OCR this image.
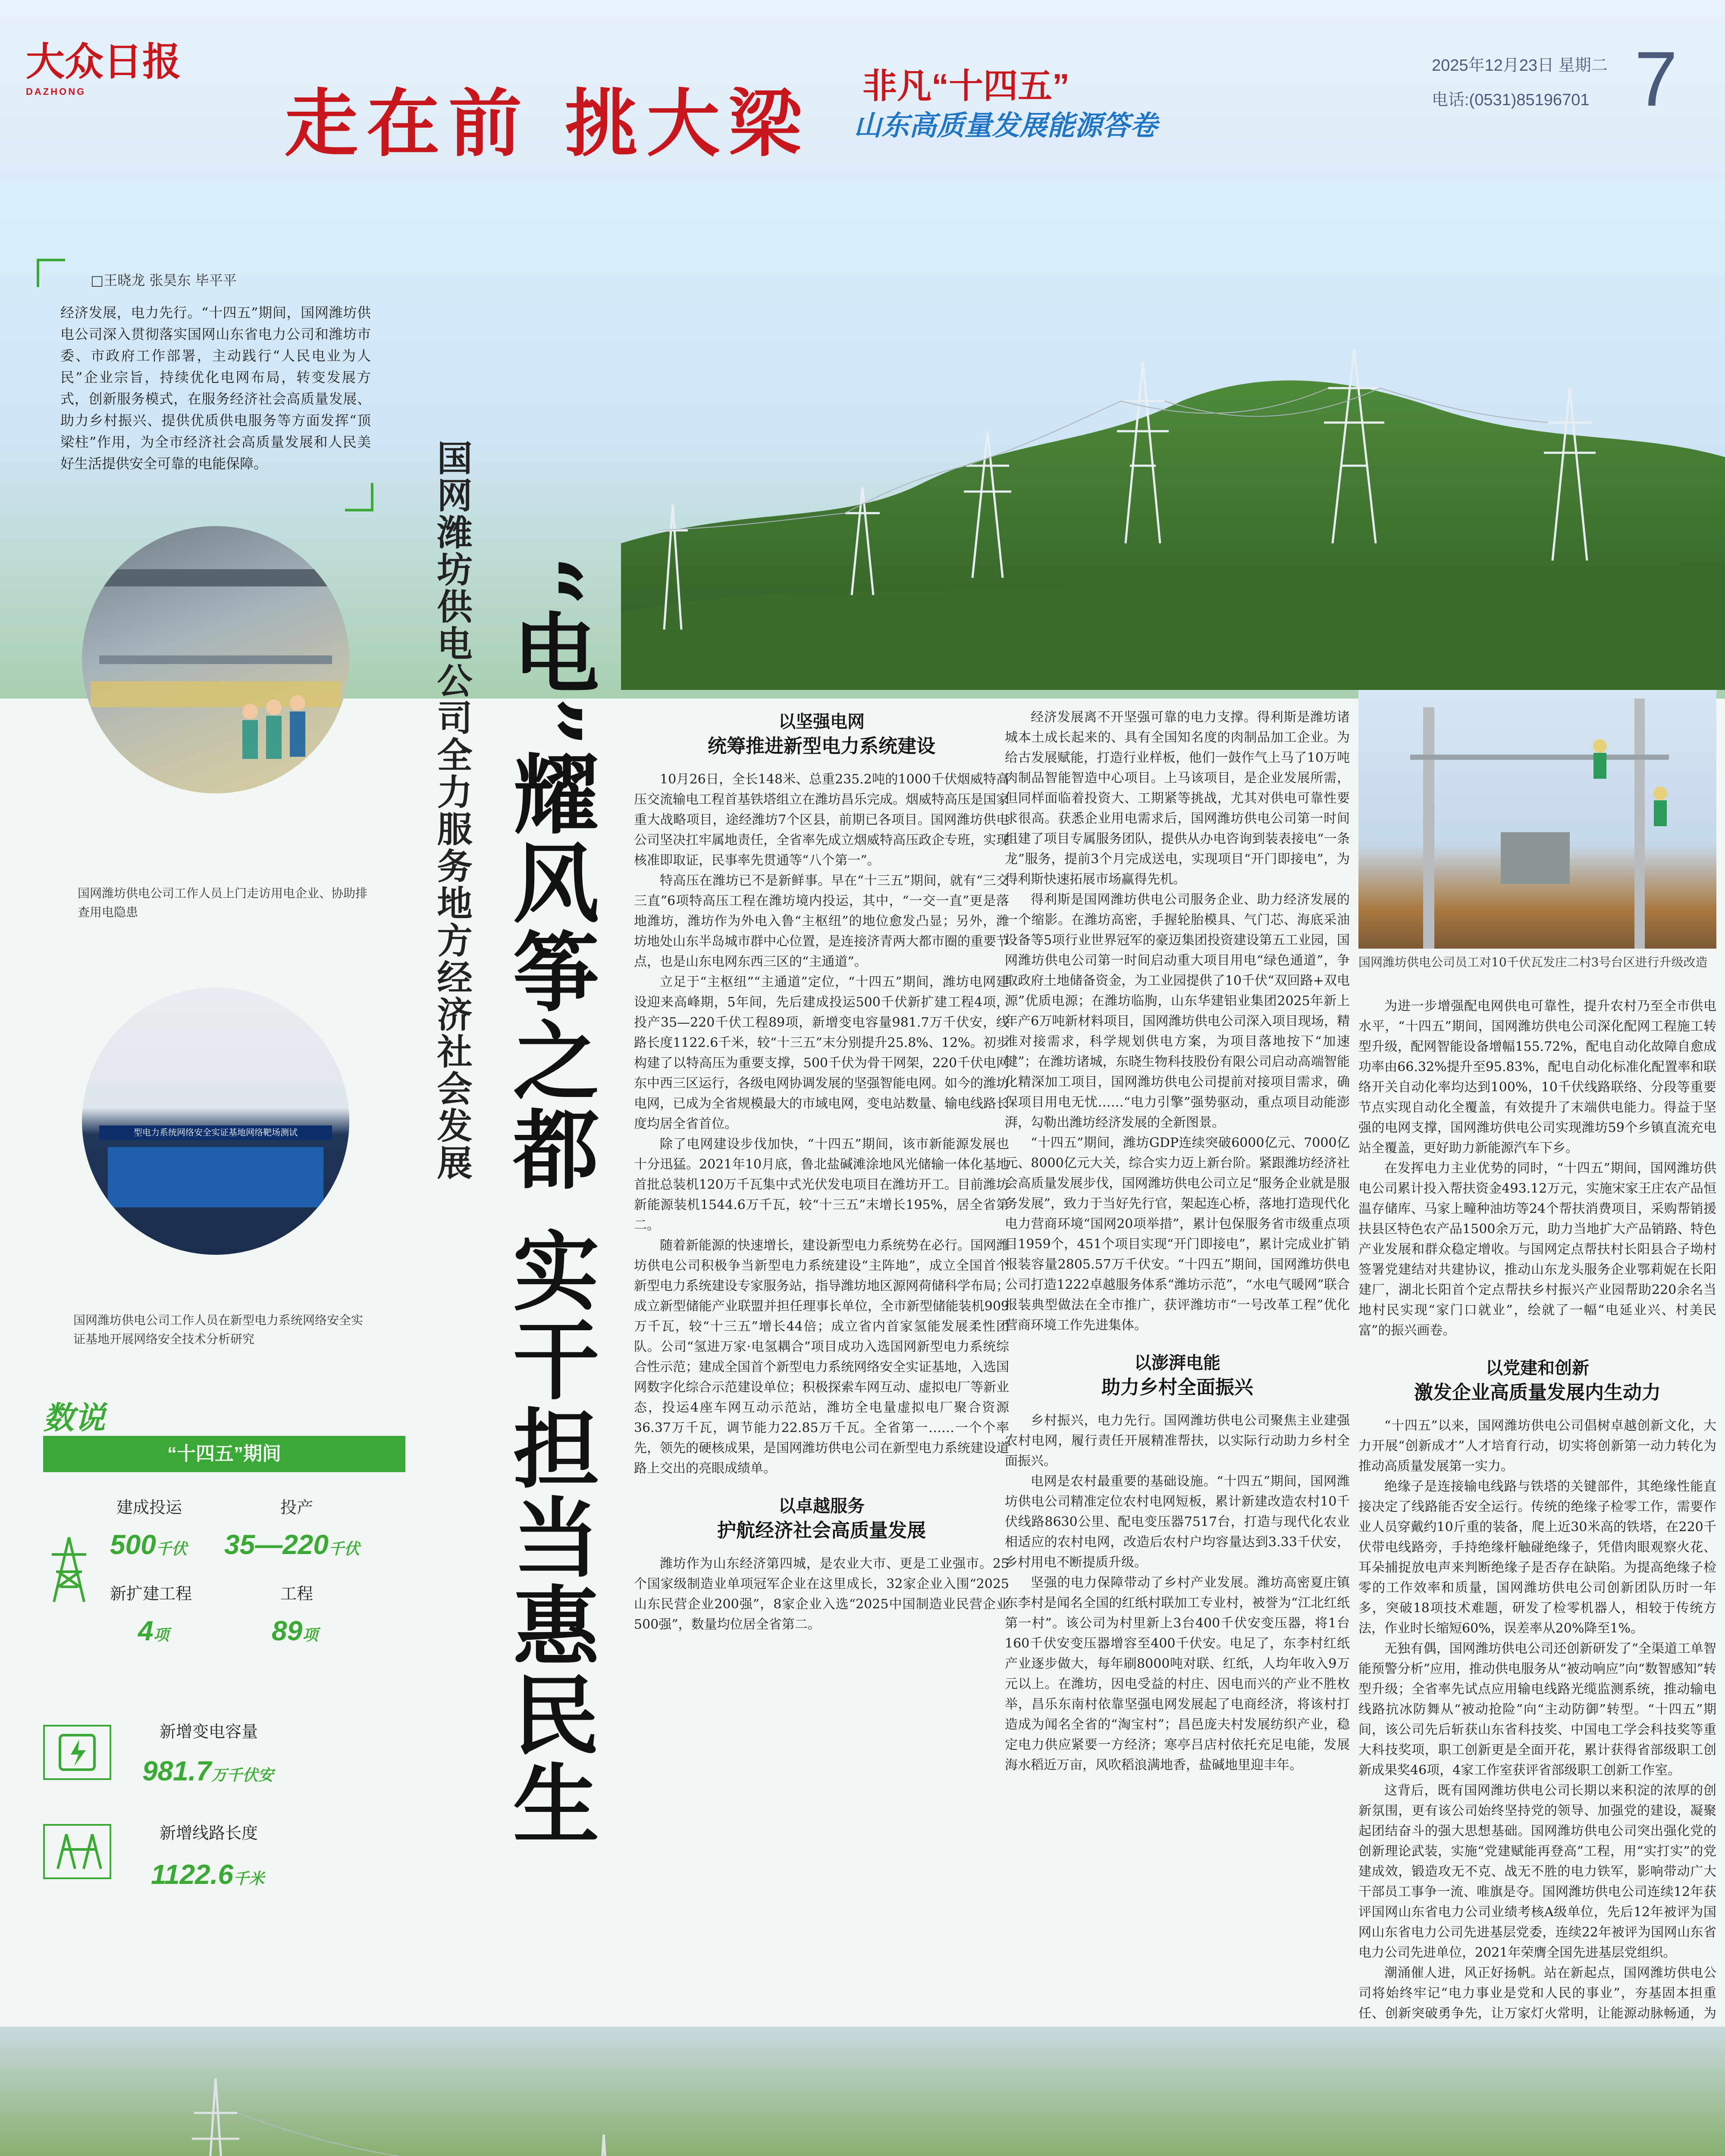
大众日报
DAZHONG	走在前 挑大梁 非凡“十四五”
山东高质量发展能源答卷
2025年12月23日 星期二
电话:(0531)85196701 7
□王晓龙 张昊东 毕平平
经济发展，电力先行。“十四五”期间，国网潍坊供电公司深入贯彻落实国网山东省电力公司和潍坊市委、市政府工作部署，主动践行“人民电业为人民”企业宗旨，持续优化电网布局，转变发展方式，创新服务模式，在服务经济社会高质量发展、助力乡村振兴、提供优质供电服务等方面发挥“顶梁柱”作用，为全市经济社会高质量发展和人民美好生活提供安全可靠的电能保障。
国网潍坊供电公司工作人员上门走访用电企业、协助排查用电隐患
型电力系统网络安全实证基地网络靶场测试
国网潍坊供电公司工作人员在新型电力系统网络安全实证基地开展网络安全技术分析研究
国网潍坊供电公司全力服务地方经济社会发展 “电”耀风筝之都 实干担当惠民生
数说
“十四五”期间
建成投运
500千伏
投产
35—220千伏
新扩建工程
4项
工程
89项
新增变电容量
981.7万千伏安
新增线路长度
1122.6千米
以坚强电网
统筹推进新型电力系统建设

10月26日，全长148米、总重235.2吨的1000千伏烟威特高压交流输电工程首基铁塔组立在潍坊昌乐完成。烟威特高压是国家重大战略项目，途经潍坊7个区县，前期已各项目。国网潍坊供电公司坚决扛牢属地责任，全省率先成立烟威特高压政企专班，实现核准即取证，民事率先贯通等“八个第一”。

特高压在潍坊已不是新鲜事。早在“十三五”期间，就有“三交三直”6项特高压工程在潍坊境内投运，其中，“一交一直”更是落地潍坊，潍坊作为外电入鲁“主枢纽”的地位愈发凸显；另外，潍坊地处山东半岛城市群中心位置，是连接济青两大都市圈的重要节点，也是山东电网东西三区的“主通道”。

立足于“主枢纽”“主通道”定位，“十四五”期间，潍坊电网建设迎来高峰期，5年间，先后建成投运500千伏新扩建工程4项，投产35—220千伏工程89项，新增变电容量981.7万千伏安，线路长度1122.6千米，较“十三五”末分别提升25.8%、12%。初步构建了以特高压为重要支撑，500千伏为骨干网架，220千伏电网东中西三区运行，各级电网协调发展的坚强智能电网。如今的潍坊电网，已成为全省规模最大的市域电网，变电站数量、输电线路长度均居全省首位。

除了电网建设步伐加快，“十四五”期间，该市新能源发展也十分迅猛。2021年10月底，鲁北盐碱滩涂地风光储输一体化基地首批总装机120万千瓦集中式光伏发电项目在潍坊开工。目前潍坊新能源装机1544.6万千瓦，较“十三五”末增长195%，居全省第二。

随着新能源的快速增长，建设新型电力系统势在必行。国网潍坊供电公司积极争当新型电力系统建设“主阵地”，成立全国首个新型电力系统建设专家服务站，指导潍坊地区源网荷储科学布局；成立新型储能产业联盟并担任理事长单位，全市新型储能装机909万千瓦，较“十三五”增长44倍；成立省内首家氢能发展柔性团队。公司“氢进万家·电氢耦合”项目成功入选国网新型电力系统综合性示范；建成全国首个新型电力系统网络安全实证基地，入选国网数字化综合示范建设单位；积极探索车网互动、虚拟电厂等新业态，投运4座车网互动示范站，潍坊全电量虚拟电厂聚合资源36.37万千瓦，调节能力22.85万千瓦。全省第一……一个个率先，领先的硬核成果，是国网潍坊供电公司在新型电力系统建设道路上交出的亮眼成绩单。

以卓越服务
护航经济社会高质量发展

潍坊作为山东经济第四城，是农业大市、更是工业强市。25个国家级制造业单项冠军企业在这里成长，32家企业入围“2025山东民营企业200强”，8家企业入选“2025中国制造业民营企业500强”，数量均位居全省第二。

经济发展离不开坚强可靠的电力支撑。得利斯是潍坊诸城本土成长起来的、具有全国知名度的肉制品加工企业。为给古发展赋能，打造行业样板，他们一鼓作气上马了10万吨肉制品智能智造中心项目。上马该项目，是企业发展所需，但同样面临着投资大、工期紧等挑战，尤其对供电可靠性要求很高。获悉企业用电需求后，国网潍坊供电公司第一时间组建了项目专属服务团队，提供从办电咨询到装表接电“一条龙”服务，提前3个月完成送电，实现项目“开门即接电”，为得利斯快速拓展市场赢得先机。

得利斯是国网潍坊供电公司服务企业、助力经济发展的一个缩影。在潍坊高密，手握轮胎模具、气门芯、海底采油设备等5项行业世界冠军的豪迈集团投资建设第五工业园，国网潍坊供电公司第一时间启动重大项目用电“绿色通道”，争取政府土地储备资金，为工业园提供了10千伏“双回路+双电源”优质电源；在潍坊临朐，山东华建铝业集团2025年新上年产6万吨新材料项目，国网潍坊供电公司深入项目现场，精准对接需求，科学规划供电方案，为项目落地按下“加速键”；在潍坊诸城，东晓生物科技股份有限公司启动高端智能化精深加工项目，国网潍坊供电公司提前对接项目需求，确保项目用电无忧……“电力引擎”强势驱动，重点项目动能澎湃，勾勒出潍坊经济发展的全新图景。

“十四五”期间，潍坊GDP连续突破6000亿元、7000亿元、8000亿元大关，综合实力迈上新台阶。紧跟潍坊经济社会高质量发展步伐，国网潍坊供电公司立足“服务企业就是服务发展”，致力于当好先行官，架起连心桥，落地打造现代化电力营商环境“国网20项举措”，累计包保服务省市级重点项目1959个，451个项目实现“开门即接电”，累计完成业扩销报装容量2805.57万千伏安。“十四五”期间，国网潍坊供电公司打造1222卓越服务体系“潍坊示范”，“水电气暖网”联合报装典型做法在全市推广，获评潍坊市“一号改革工程”优化营商环境工作先进集体。

以澎湃电能
助力乡村全面振兴

乡村振兴，电力先行。国网潍坊供电公司聚焦主业建强农村电网，履行责任开展精准帮扶，以实际行动助力乡村全面振兴。

电网是农村最重要的基础设施。“十四五”期间，国网潍坊供电公司精准定位农村电网短板，累计新建改造农村10千伏线路8630公里、配电变压器7517台，打造与现代化农业相适应的农村电网，改造后农村户均容量达到3.33千伏安，乡村用电不断提质升级。

坚强的电力保障带动了乡村产业发展。潍坊高密夏庄镇东李村是闻名全国的红纸村联加工专业村，被誉为“江北红纸第一村”。该公司为村里新上3台400千伏安变压器，将1台160千伏安变压器增容至400千伏安。电足了，东李村红纸产业逐步做大，每年刷8000吨对联、红纸，人均年收入9万元以上。在潍坊，因电受益的村庄、因电而兴的产业不胜枚举，昌乐东南村依靠坚强电网发展起了电商经济，将该村打造成为闻名全省的“淘宝村”；昌邑庞夫村发展纺织产业，稳定电力供应紧要一方经济；寒亭吕店村依托充足电能，发展海水稻近万亩，风吹稻浪满地香，盐碱地里迎丰年。

国网潍坊供电公司员工对10千伏瓦发庄二村3号台区进行升级改造

为进一步增强配电网供电可靠性，提升农村乃至全市供电水平，“十四五”期间，国网潍坊供电公司深化配网工程施工转型升级，配网智能设备增幅155.72%，配电自动化故障自愈成功率由66.32%提升至95.83%，配电自动化标准化配置率和联络开关自动化率均达到100%，10千伏线路联络、分段等重要节点实现自动化全覆盖，有效提升了末端供电能力。得益于坚强的电网支撑，国网潍坊供电公司实现潍坊59个乡镇直流充电站全覆盖，更好助力新能源汽车下乡。

在发挥电力主业优势的同时，“十四五”期间，国网潍坊供电公司累计投入帮扶资金493.12万元，实施宋家王庄农产品恒温存储库、马家上疃种油坊等24个帮扶消费项目，采购帮销援扶县区特色农产品1500余万元，助力当地扩大产品销路、特色产业发展和群众稳定增收。与国网定点帮扶村长阳县合子坳村签署党建结对共建协议，推动山东龙头服务企业鄂莉妮在长阳建厂，湖北长阳首个定点帮扶乡村振兴产业园帮助220余名当地村民实现“家门口就业”，绘就了一幅“电延业兴、村美民富”的振兴画卷。

以党建和创新
激发企业高质量发展内生动力

“十四五”以来，国网潍坊供电公司倡树卓越创新文化，大力开展“创新成才”人才培育行动，切实将创新第一动力转化为推动高质量发展第一实力。

绝缘子是连接输电线路与铁塔的关键部件，其绝缘性能直接决定了线路能否安全运行。传统的绝缘子检零工作，需要作业人员穿戴约10斤重的装备，爬上近30米高的铁塔，在220千伏带电线路旁，手持绝缘杆触碰绝缘子，凭借肉眼观察火花、耳朵捕捉放电声来判断绝缘子是否存在缺陷。为提高绝缘子检零的工作效率和质量，国网潍坊供电公司创新团队历时一年多，突破18项技术难题，研发了检零机器人，相较于传统方法，作业时长缩短60%，误差率从20%降至1%。

无独有偶，国网潍坊供电公司还创新研发了“全渠道工单智能预警分析”应用，推动供电服务从“被动响应”向“数智感知”转型升级；全省率先试点应用输电线路光缆监测系统，推动输电线路抗冰防舞从“被动抢险”向“主动防御”转型。“十四五”期间，该公司先后斩获山东省科技奖、中国电工学会科技奖等重大科技奖项，职工创新更是全面开花，累计获得省部级职工创新成果奖46项，4家工作室获评省部级职工创新工作室。

这背后，既有国网潍坊供电公司长期以来积淀的浓厚的创新氛围，更有该公司始终坚持党的领导、加强党的建设，凝聚起团结奋斗的强大思想基础。国网潍坊供电公司突出强化党的创新理论武装，实施“党建赋能再登高”工程，用“实打实”的党建成效，锻造攻无不克、战无不胜的电力铁军，影响带动广大干部员工事争一流、唯旗是夺。国网潍坊供电公司连续12年获评国网山东省电力公司业绩考核A级单位，先后12年被评为国网山东省电力公司先进基层党委，连续22年被评为国网山东省电力公司先进单位，2021年荣膺全国先进基层党组织。

潮涌催人进，风正好扬帆。站在新起点，国网潍坊供电公司将始终牢记“电力事业是党和人民的事业”，夯基固本担重任、创新突破勇争先，让万家灯火常明，让能源动脉畅通，为
